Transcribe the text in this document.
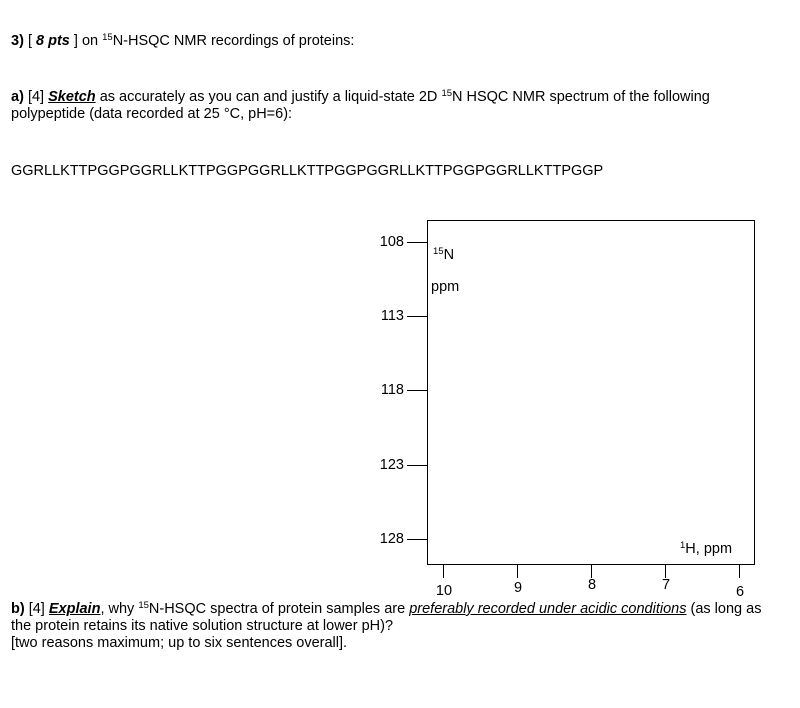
3) [ 8 pts ] on $^{15}$N-HSQC NMR recordings of proteins:
a) [4] Sketch as accurately as you can and justify a liquid-state 2D $^{15}$N HSQC NMR spectrum of the following
polypeptide (data recorded at 25 °C, pH=6):
GGRLLKTTPGGPGGRLLKTTPGGPGGRLLKTTPGGPGGRLLKTTPGGPGGRLLKTTPGGP
108
113
118
123
128
$^{15}$N
ppm
$^1$H, ppm
10	9	8	7	6
b) [4] Explain, why $^{15}$N-HSQC spectra of protein samples are preferably recorded under acidic conditions (as long as
the protein retains its native solution structure at lower pH)?
[two reasons maximum; up to six sentences overall].
